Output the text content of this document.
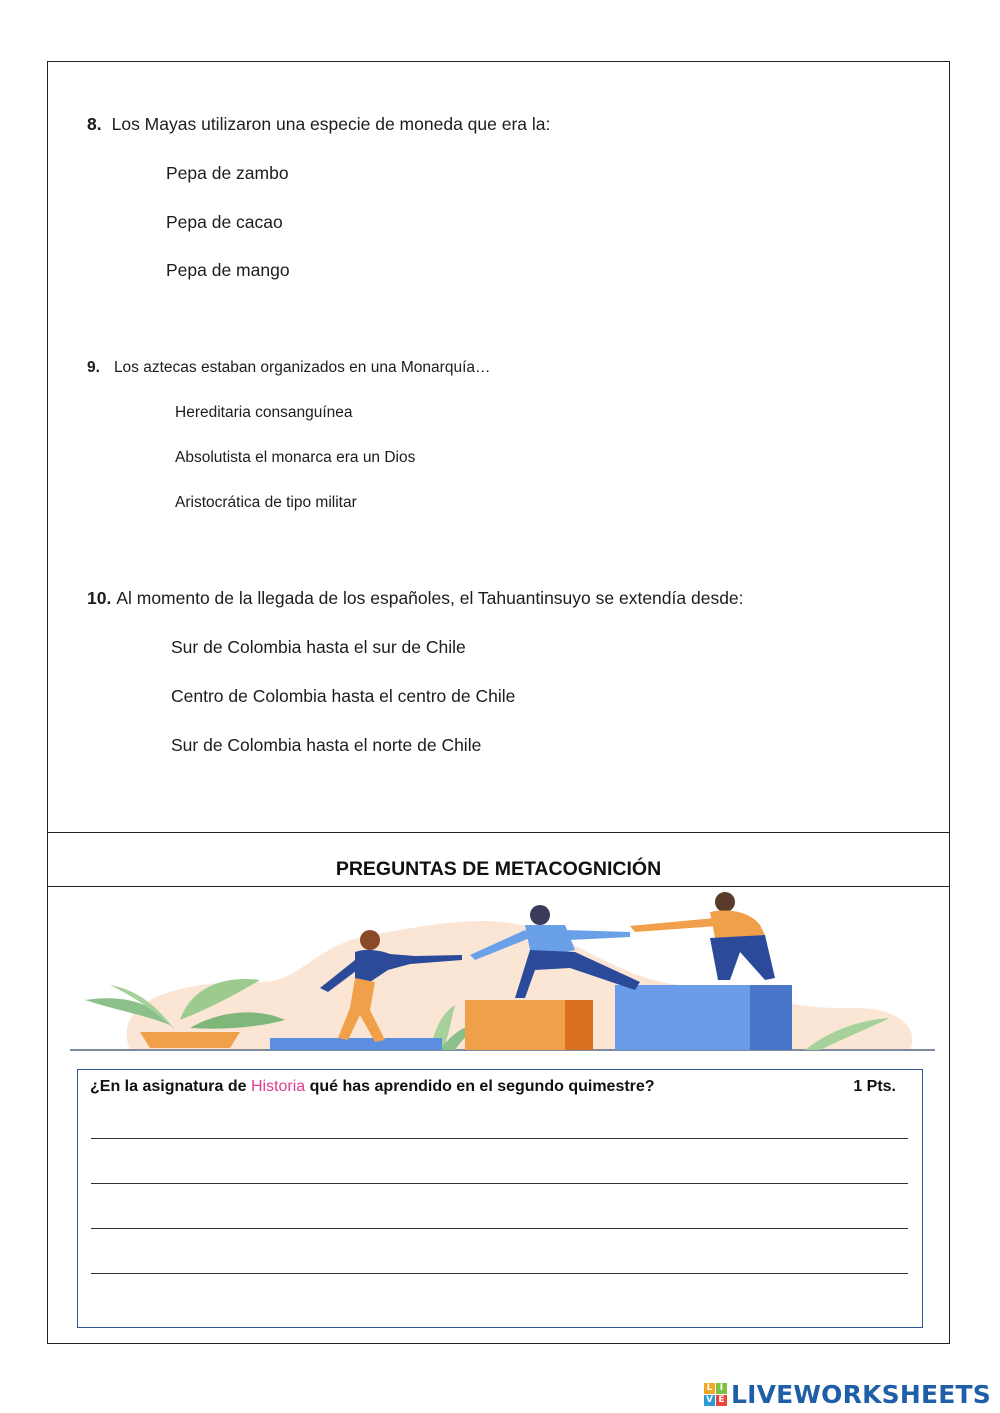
8. Los Mayas utilizaron una especie de moneda que era la:
Pepa de zambo
Pepa de cacao
Pepa de mango
9. Los aztecas estaban organizados en una Monarquía…
Hereditaria consanguínea
Absolutista el monarca era un Dios
Aristocrática de tipo militar
10. Al momento de la llegada de los españoles, el Tahuantinsuyo se extendía desde:
Sur de Colombia hasta el sur de Chile
Centro de Colombia hasta el centro de Chile
Sur de Colombia hasta el norte de Chile
PREGUNTAS DE METACOGNICIÓN
¿En la asignatura de Historia qué has aprendido en el segundo quimestre?	1 Pts.
L I
V E LIVEWORKSHEETS
